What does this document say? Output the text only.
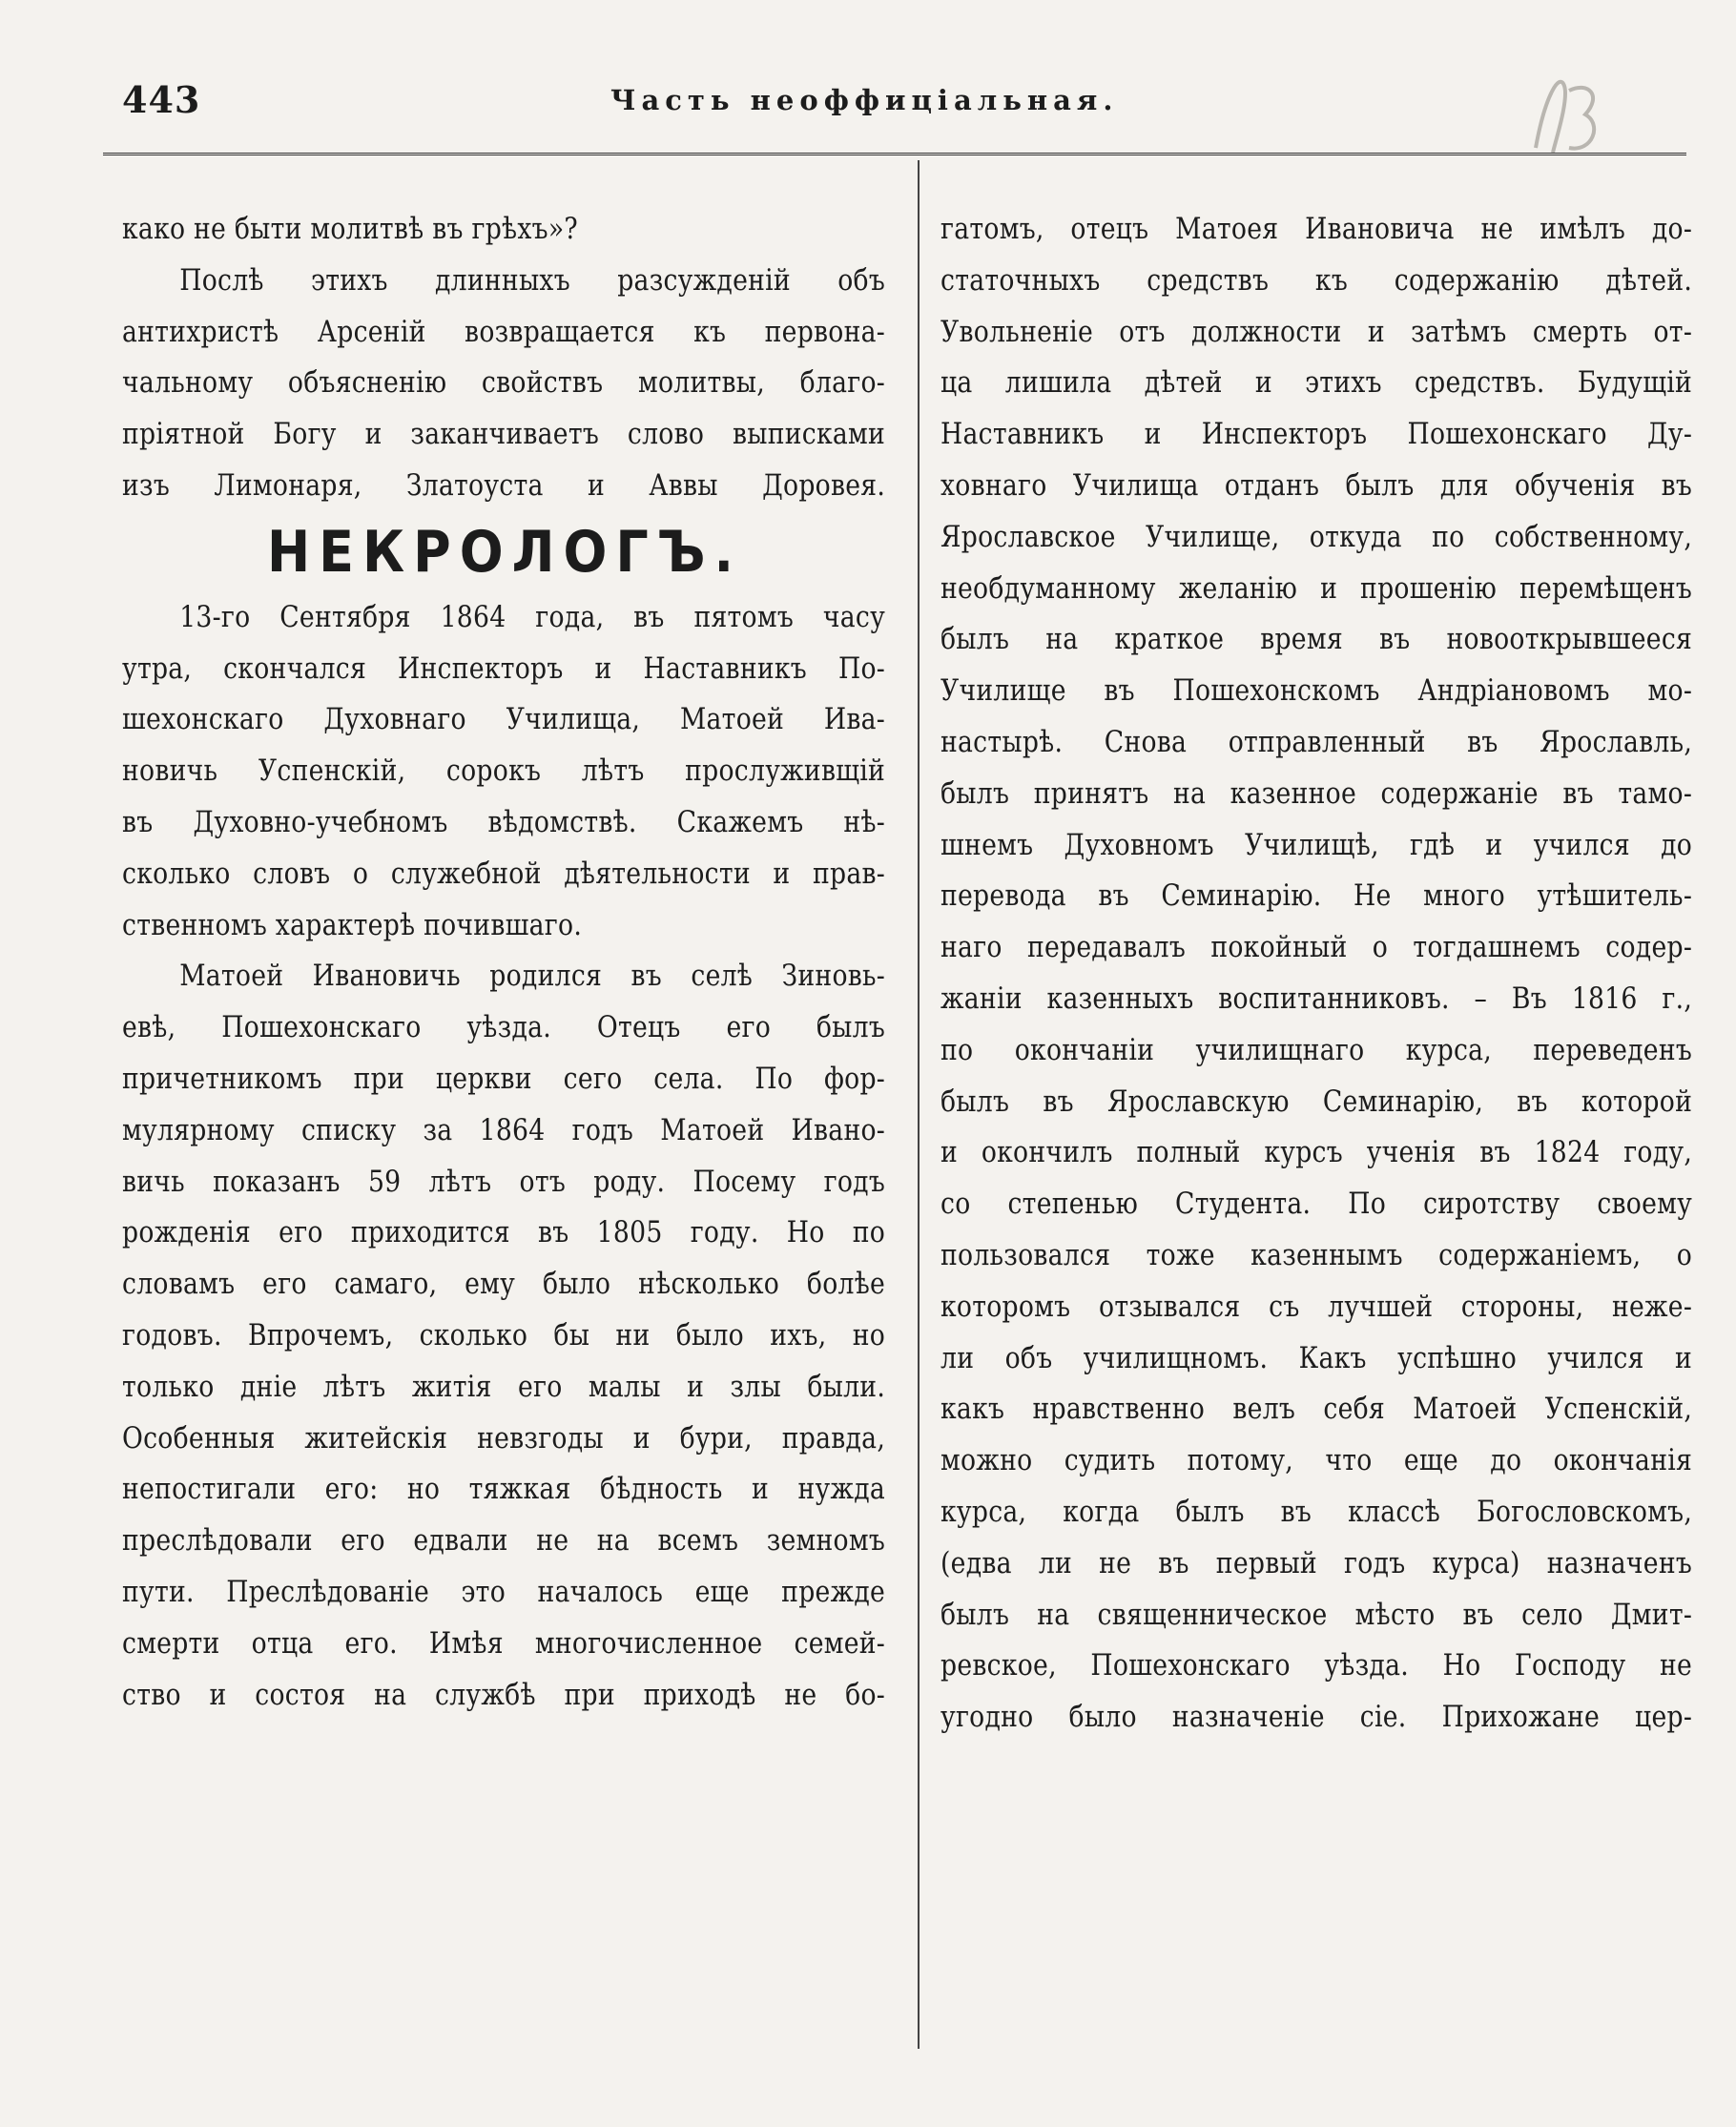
443	Часть неоффиціальная.
како не быти молитвѣ въ грѣхъ»?
Послѣ этихъ длинныхъ разсужденій объ
антихристѣ Арсеній возвращается къ первона-
чальному объясненію свойствъ молитвы, благо-
пріятной Богу и заканчиваетъ слово выписками
изъ Лимонаря, Златоуста и Аввы Доровея.
НЕКРОЛОГЪ.
13-го Сентября 1864 года, въ пятомъ часу
утра, скончался Инспекторъ и Наставникъ По-
шехонскаго Духовнаго Училища, Матоей Ива-
новичь Успенскій, сорокъ лѣтъ прослуживщій
въ Духовно-учебномъ вѣдомствѣ. Скажемъ нѣ-
сколько словъ о служебной дѣятельности и прав-
ственномъ характерѣ почившаго.
Матоей Ивановичь родился въ селѣ Зиновь-
евѣ, Пошехонскаго уѣзда. Отецъ его былъ
причетникомъ при церкви сего села. По фор-
мулярному списку за 1864 годъ Матоей Ивано-
вичь показанъ 59 лѣтъ отъ роду. Посему годъ
рожденія его приходится въ 1805 году. Но по
словамъ его самаго, ему было нѣсколько болѣе
годовъ. Впрочемъ, сколько бы ни было ихъ, но
только дніе лѣтъ житія его малы и злы были.
Особенныя житейскія невзгоды и бури, правда,
непостигали его: но тяжкая бѣдность и нужда
преслѣдовали его едвали не на всемъ земномъ
пути. Преслѣдованіе это началось еще прежде
смерти отца его. Имѣя многочисленное семей-
ство и состоя на службѣ при приходѣ не бо-
гатомъ, отецъ Матоея Ивановича не имѣлъ до-
статочныхъ средствъ къ содержанію дѣтей.
Увольненіе отъ должности и затѣмъ смерть от-
ца лишила дѣтей и этихъ средствъ. Будущій
Наставникъ и Инспекторъ Пошехонскаго Ду-
ховнаго Училища отданъ былъ для обученія въ
Ярославское Училище, откуда по собственному,
необдуманному желанію и прошенію перемѣщенъ
былъ на краткое время въ новооткрывшееся
Училище въ Пошехонскомъ Андріановомъ мо-
настырѣ. Снова отправленный въ Ярославль,
былъ принятъ на казенное содержаніе въ тамо-
шнемъ Духовномъ Училищѣ, гдѣ и учился до
перевода въ Семинарію. Не много утѣшитель-
наго передавалъ покойный о тогдашнемъ содер-
жаніи казенныхъ воспитанниковъ. – Въ 1816 г.,
по окончаніи училищнаго курса, переведенъ
былъ въ Ярославскую Семинарію, въ которой
и окончилъ полный курсъ ученія въ 1824 году,
со степенью Студента. По сиротству своему
пользовался тоже казеннымъ содержаніемъ, о
которомъ отзывался съ лучшей стороны, нeже-
ли объ училищномъ. Какъ успѣшно учился и
какъ нравственно велъ себя Матоей Успенскій,
можно судить потому, что еще до окончанія
курса, когда былъ въ классѣ Богословскомъ,
(едва ли не въ первый годъ курса) назначенъ
былъ на священническое мѣсто въ село Дмит-
ревское, Пошехонскаго уѣзда. Но Господу не
угодно было назначеніе сіе. Прихожане цер-
